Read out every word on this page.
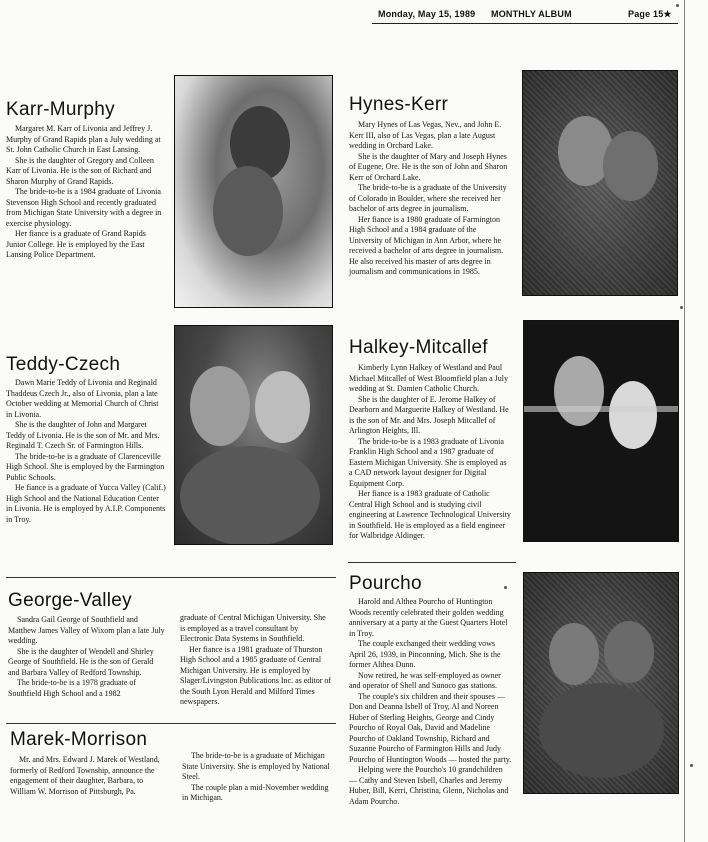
Monday, May 15, 1989 MONTHLY ALBUM	Page 15★
Karr-Murphy

Margaret M. Karr of Livonia and Jeffrey J. Murphy of Grand Rapids plan a July wedding at St. John Catholic Church in East Lansing.

She is the daughter of Gregory and Colleen Karr of Livonia. He is the son of Richard and Sharon Murphy of Grand Rapids.

The bride-to-be is a 1984 graduate of Livonia Stevenson High School and recently graduated from Michigan State University with a degree in exercise physiology.

Her fiance is a graduate of Grand Rapids Junior College. He is employed by the East Lansing Police Department.

Hynes-Kerr

Mary Hynes of Las Vegas, Nev., and John E. Kerr III, also of Las Vegas, plan a late August wedding in Orchard Lake.

She is the daughter of Mary and Joseph Hynes of Eugene, Ore. He is the son of John and Sharon Kerr of Orchard Lake.

The bride-to-be is a graduate of the University of Colorado in Boulder, where she received her bachelor of arts degree in journalism.

Her fiance is a 1980 graduate of Farmington High School and a 1984 graduate of the University of Michigan in Ann Arbor, where he received a bachelor of arts degree in journalism. He also received his master of arts degree in journalism and communications in 1985.

Teddy-Czech

Dawn Marie Teddy of Livonia and Reginald Thaddeus Czech Jr., also of Livonia, plan a late October wedding at Memorial Church of Christ in Livonia.

She is the daughter of John and Margaret Teddy of Livonia. He is the son of Mr. and Mrs. Reginald T. Czech Sr. of Farmington Hills.

The bride-to-be is a graduate of Clarenceville High School. She is employed by the Farmington Public Schools.

He fiance is a graduate of Yucca Valley (Calif.) High School and the National Education Center in Livonia. He is employed by A.I.P. Components in Troy.

Halkey-Mitcallef

Kimberly Lynn Halkey of Westland and Paul Michael Mitcallef of West Bloomfield plan a July wedding at St. Damien Catholic Church.

She is the daughter of E. Jerome Halkey of Dearborn and Marguerite Halkey of Westland. He is the son of Mr. and Mrs. Joseph Mitcallef of Arlington Heights, Ill.

The bride-to-be is a 1983 graduate of Livonia Franklin High School and a 1987 graduate of Eastern Michigan University. She is employed as a CAD network layout designer for Digital Equipment Corp.

Her fiance is a 1983 graduate of Catholic Central High School and is studying civil engineering at Lawrence Technological University in Southfield. He is employed as a field engineer for Walbridge Aldinger.

George-Valley

Sandra Gail George of Southfield and Matthew James Valley of Wixom plan a late July wedding.

She is the daughter of Wendell and Shirley George of Southfield. He is the son of Gerald and Barbara Valley of Redford Township.

The bride-to-be is a 1978 graduate of Southfield High School and a 1982

graduate of Central Michigan University. She is employed as a travel consultant by Electronic Data Systems in Southfield.

Her fiance is a 1981 graduate of Thurston High School and a 1985 graduate of Central Michigan University. He is employed by Slager/Livingston Publications Inc. as editor of the South Lyon Herald and Milford Times newspapers.

Marek-Morrison

Mr. and Mrs. Edward J. Marek of Westland, formerly of Redford Township, announce the engagement of their daughter, Barbara, to William W. Morrison of Pittsburgh, Pa.

The bride-to-be is a graduate of Michigan State University. She is employed by National Steel.

The couple plan a mid-November wedding in Michigan.

Pourcho

Harold and Althea Pourcho of Huntington Woods recently celebrated their golden wedding anniversary at a party at the Guest Quarters Hotel in Troy.

The couple exchanged their wedding vows April 26, 1939, in Pinconning, Mich. She is the former Althea Dunn.

Now retired, he was self-employed as owner and operator of Shell and Sunoco gas stations.

The couple's six children and their spouses — Don and Deanna Isbell of Troy, Al and Noreen Huber of Sterling Heights, George and Cindy Pourcho of Royal Oak, David and Madeline Pourcho of Oakland Township, Richard and Suzanne Pourcho of Farmington Hills and Judy Pourcho of Huntington Woods — hosted the party.

Helping were the Pourcho's 10 grandchildren — Cathy and Steven Isbell, Charles and Jeremy Huber, Bill, Kerri, Christina, Glenn, Nicholas and Adam Pourcho.
